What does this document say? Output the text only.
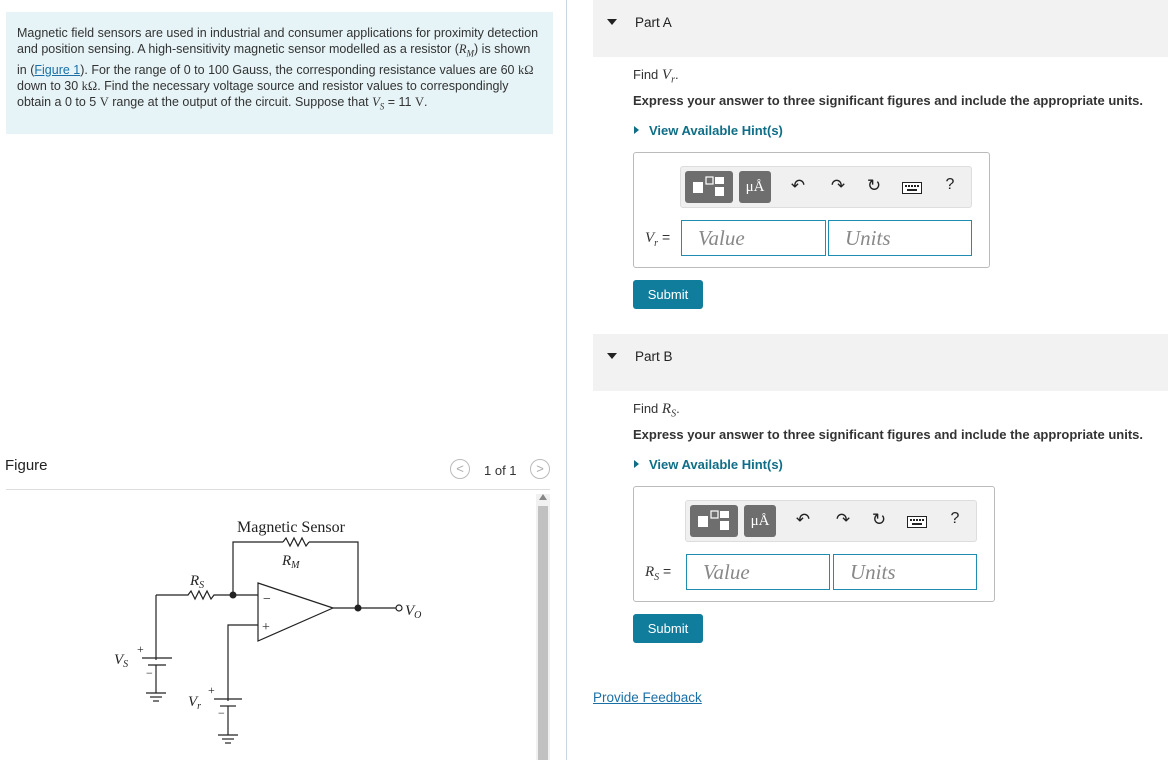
Magnetic field sensors are used in industrial and consumer applications for proximity detection and position sensing. A high-sensitivity magnetic sensor modelled as a resistor $(R_M)$ is shown in (Figure 1). For the range of 0 to 100 Gauss, the corresponding resistance values are 60 kΩ down to 30 kΩ. Find the necessary voltage source and resistor values to correspondingly obtain a 0 to 5 V range at the output of the circuit. Suppose that $V_S = 11$ V.
Figure	<	1 of 1	>
Magnetic Sensor
$R_M$
$R_S$
$V_S$
$V_r$
$V_O$
−
+
+
−
+
−
Part A
Find $V_r$.
Express your answer to three significant figures and include the appropriate units.
View Available Hint(s)
μÅ	↶ ↷ ↻	?
$V_r$ =	Value	Units
Submit
Part B
Find $R_S$.
Express your answer to three significant figures and include the appropriate units.
View Available Hint(s)
μÅ	↶ ↷ ↻	?
$R_S$ =	Value	Units
Submit
Provide Feedback
